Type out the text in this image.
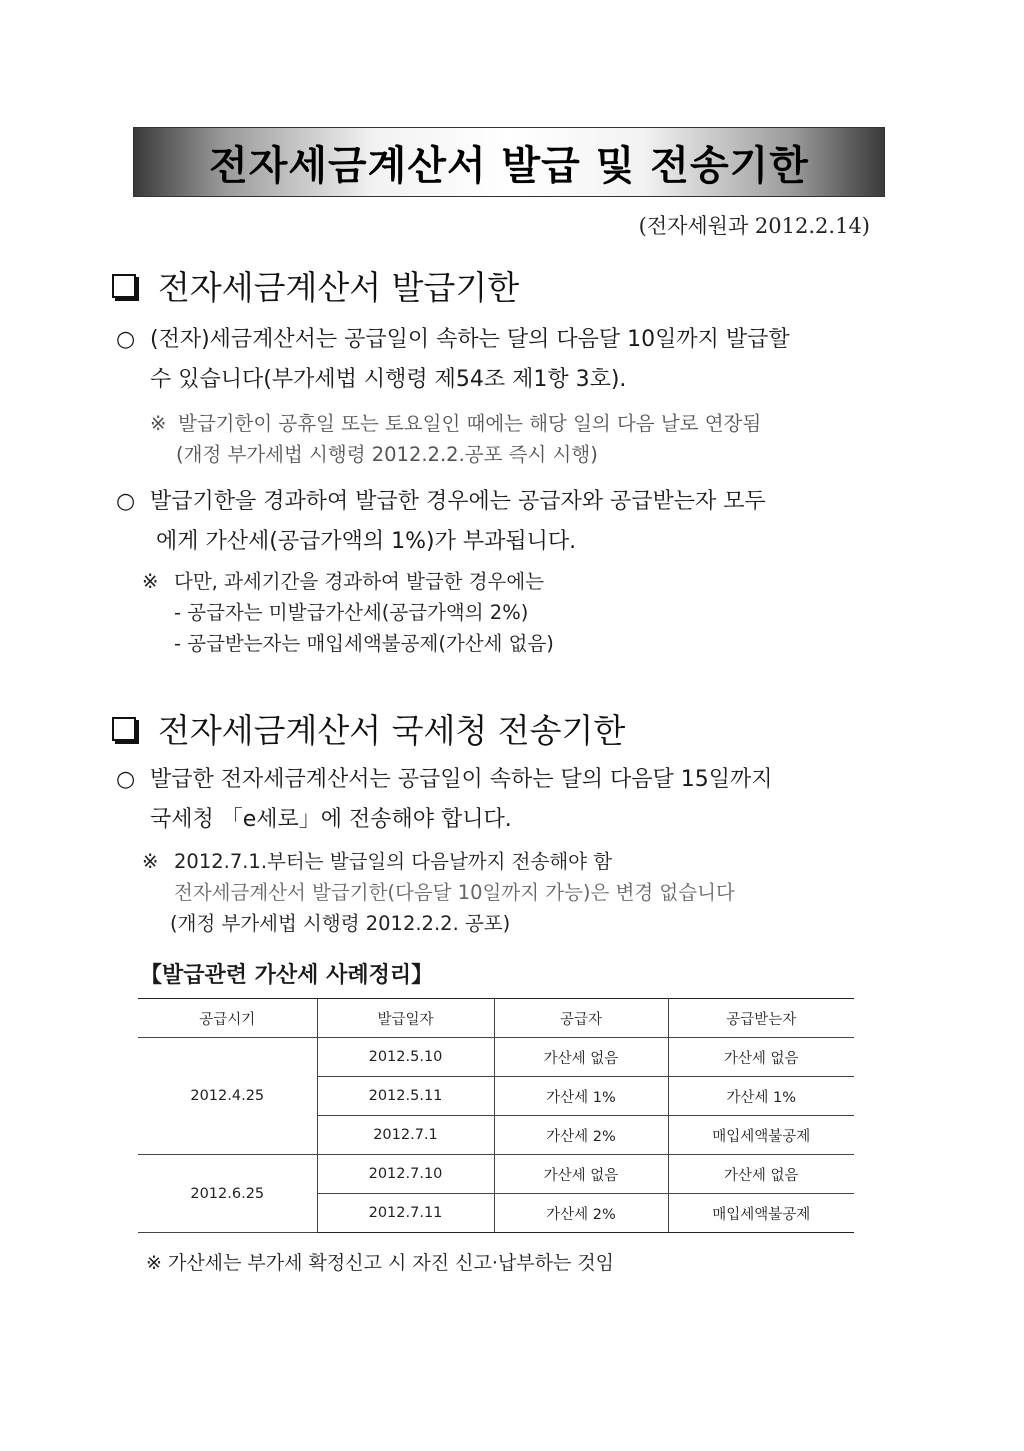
전자세금계산서 발급 및 전송기한
(전자세원과 2012.2.14)
전자세금계산서 발급기한
○ (전자)세금계산서는 공급일이 속하는 달의 다음달 10일까지 발급할
수 있습니다(부가세법 시행령 제54조 제1항 3호).
※ 발급기한이 공휴일 또는 토요일인 때에는 해당 일의 다음 날로 연장됨
(개정 부가세법 시행령 2012.2.2.공포 즉시 시행)
○ 발급기한을 경과하여 발급한 경우에는 공급자와 공급받는자 모두
에게 가산세(공급가액의 1%)가 부과됩니다.
※ 다만, 과세기간을 경과하여 발급한 경우에는
- 공급자는 미발급가산세(공급가액의 2%)
- 공급받는자는 매입세액불공제(가산세 없음)
전자세금계산서 국세청 전송기한
○ 발급한 전자세금계산서는 공급일이 속하는 달의 다음달 15일까지
국세청 「e세로」에 전송해야 합니다.
※ 2012.7.1.부터는 발급일의 다음날까지 전송해야 함
전자세금계산서 발급기한(다음달 10일까지 가능)은 변경 없습니다
(개정 부가세법 시행령 2012.2.2. 공포)
【발급관련 가산세 사례정리】
공급시기	발급일자	공급자	공급받는자
2012.4.25	2012.5.10	가산세 없음	가산세 없음
	2012.5.11	가산세 1%	가산세 1%
	2012.7.1	가산세 2%	매입세액불공제
2012.6.25	2012.7.10	가산세 없음	가산세 없음
	2012.7.11	가산세 2%	매입세액불공제
※ 가산세는 부가세 확정신고 시 자진 신고·납부하는 것임
